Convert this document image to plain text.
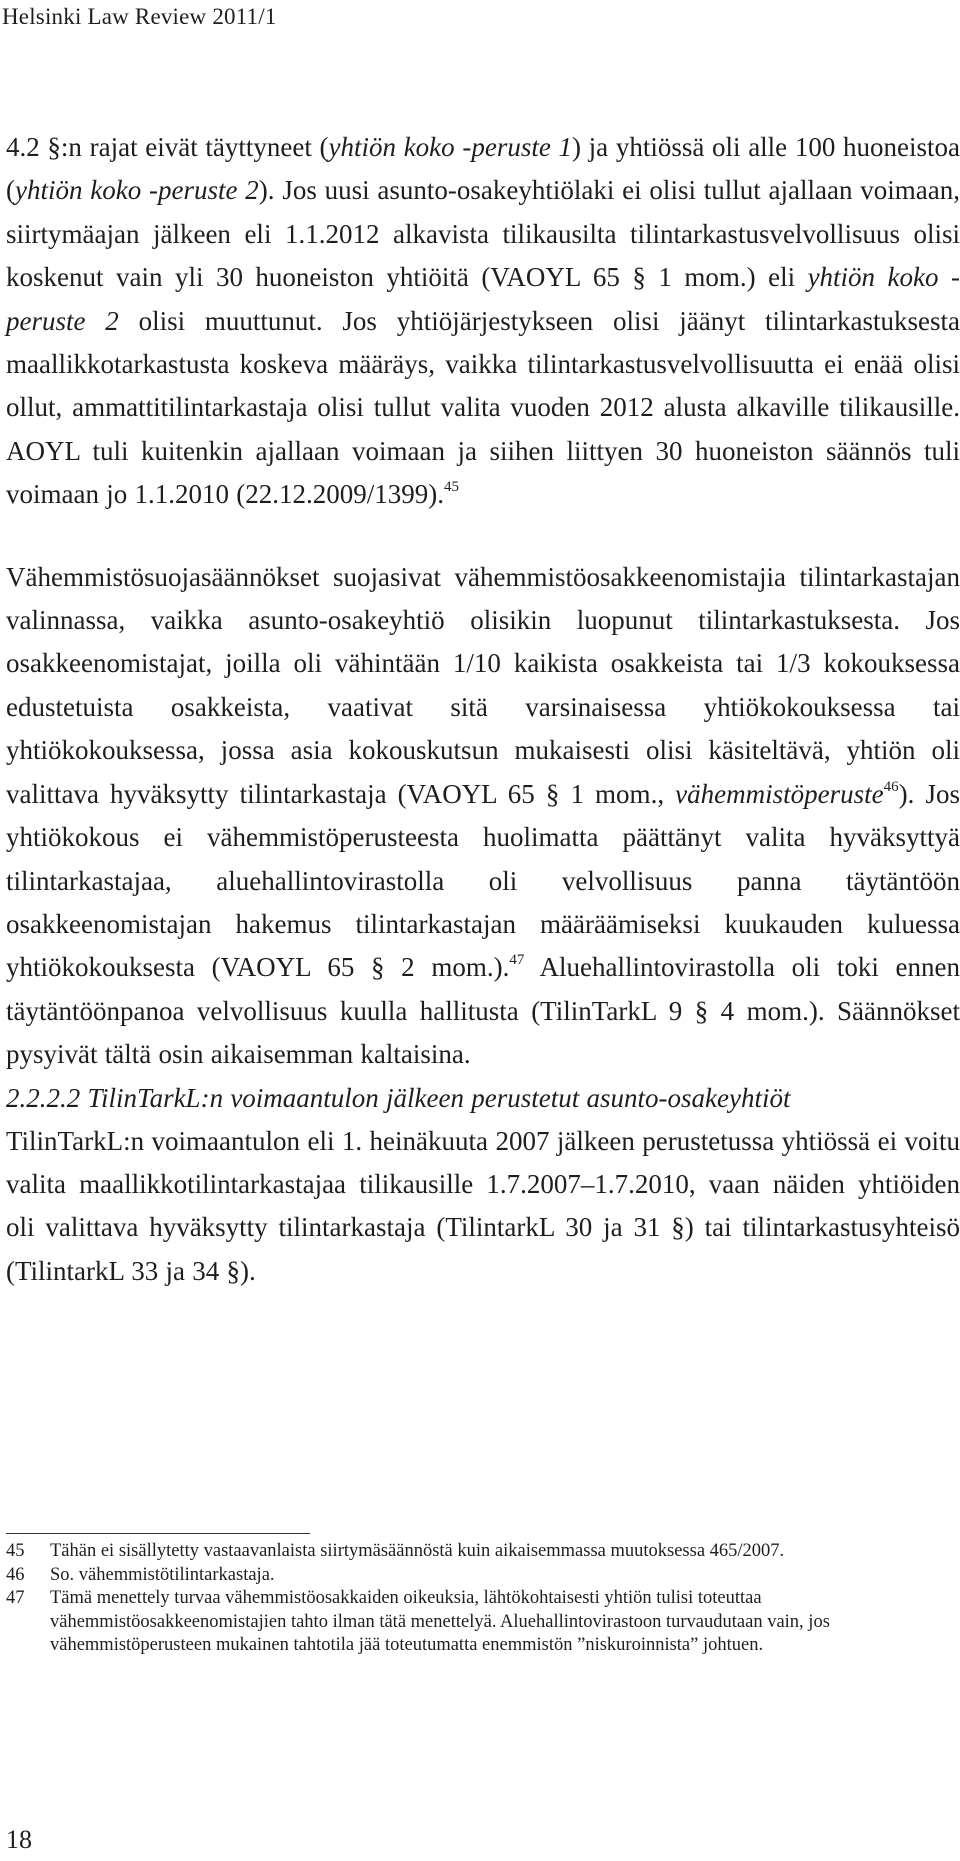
Helsinki Law Review 2011/1

4.2 §:n rajat eivät täyttyneet (yhtiön koko -peruste 1) ja yhtiössä oli alle 100 huoneistoa (yhtiön koko -peruste 2). Jos uusi asunto-osakeyhtiölaki ei olisi tullut ajallaan voimaan, siirtymäajan jälkeen eli 1.1.2012 alkavista tilikausilta tilintarkastusvelvollisuus olisi koskenut vain yli 30 huoneiston yhtiöitä (VAOYL 65 § 1 mom.) eli yhtiön koko -peruste 2 olisi muuttunut. Jos yhtiöjärjestykseen olisi jäänyt tilintarkastuksesta maallikkotarkastusta koskeva määräys, vaikka tilintarkastusvelvollisuutta ei enää olisi ollut, ammattitilintarkastaja olisi tullut valita vuoden 2012 alusta alkaville tilikausille. AOYL tuli kuitenkin ajallaan voimaan ja siihen liittyen 30 huoneiston säännös tuli voimaan jo 1.1.2010 (22.12.2009/1399).$^{45}$

Vähemmistösuojasäännökset suojasivat vähemmistöosakkeenomistajia tilintarkastajan valinnassa, vaikka asunto-osakeyhtiö olisikin luopunut tilintarkastuksesta. Jos osakkeenomistajat, joilla oli vähintään 1/10 kaikista osakkeista tai 1/3 kokouksessa edustetuista osakkeista, vaativat sitä varsinaisessa yhtiökokouksessa tai yhtiökokouksessa, jossa asia kokouskutsun mukaisesti olisi käsiteltävä, yhtiön oli valittava hyväksytty tilintarkastaja (VAOYL 65 § 1 mom., vähemmistöperuste$^{46}$). Jos yhtiökokous ei vähemmistöperusteesta huolimatta päättänyt valita hyväksyttyä tilintarkastajaa, aluehallintovirastolla oli velvollisuus panna täytäntöön osakkeenomistajan hakemus tilintarkastajan määräämiseksi kuukauden kuluessa yhtiökokouksesta (VAOYL 65 § 2 mom.).$^{47}$ Aluehallintovirastolla oli toki ennen täytäntöönpanoa velvollisuus kuulla hallitusta (TilinTarkL 9 § 4 mom.). Säännökset pysyivät tältä osin aikaisemman kaltaisina.

2.2.2.2 TilinTarkL:n voimaantulon jälkeen perustetut asunto-osakeyhtiöt

TilinTarkL:n voimaantulon eli 1. heinäkuuta 2007 jälkeen perustetussa yhtiössä ei voitu valita maallikkotilintarkastajaa tilikausille 1.7.2007–1.7.2010, vaan näiden yhtiöiden oli valittava hyväksytty tilintarkastaja (TilintarkL 30 ja 31 §) tai tilintarkastusyhteisö (TilintarkL 33 ja 34 §).

45	Tähän ei sisällytetty vastaavanlaista siirtymäsäännöstä kuin aikaisemmassa muutoksessa 465/2007.
46	So. vähemmistötilintarkastaja.
47	Tämä menettely turvaa vähemmistöosakkaiden oikeuksia, lähtökohtaisesti yhtiön tulisi toteuttaa vähemmistöosakkeenomistajien tahto ilman tätä menettelyä. Aluehallintovirastoon turvaudutaan vain, jos vähemmistöperusteen mukainen tahtotila jää toteutumatta enemmistön ”niskuroinnista” johtuen.
18
